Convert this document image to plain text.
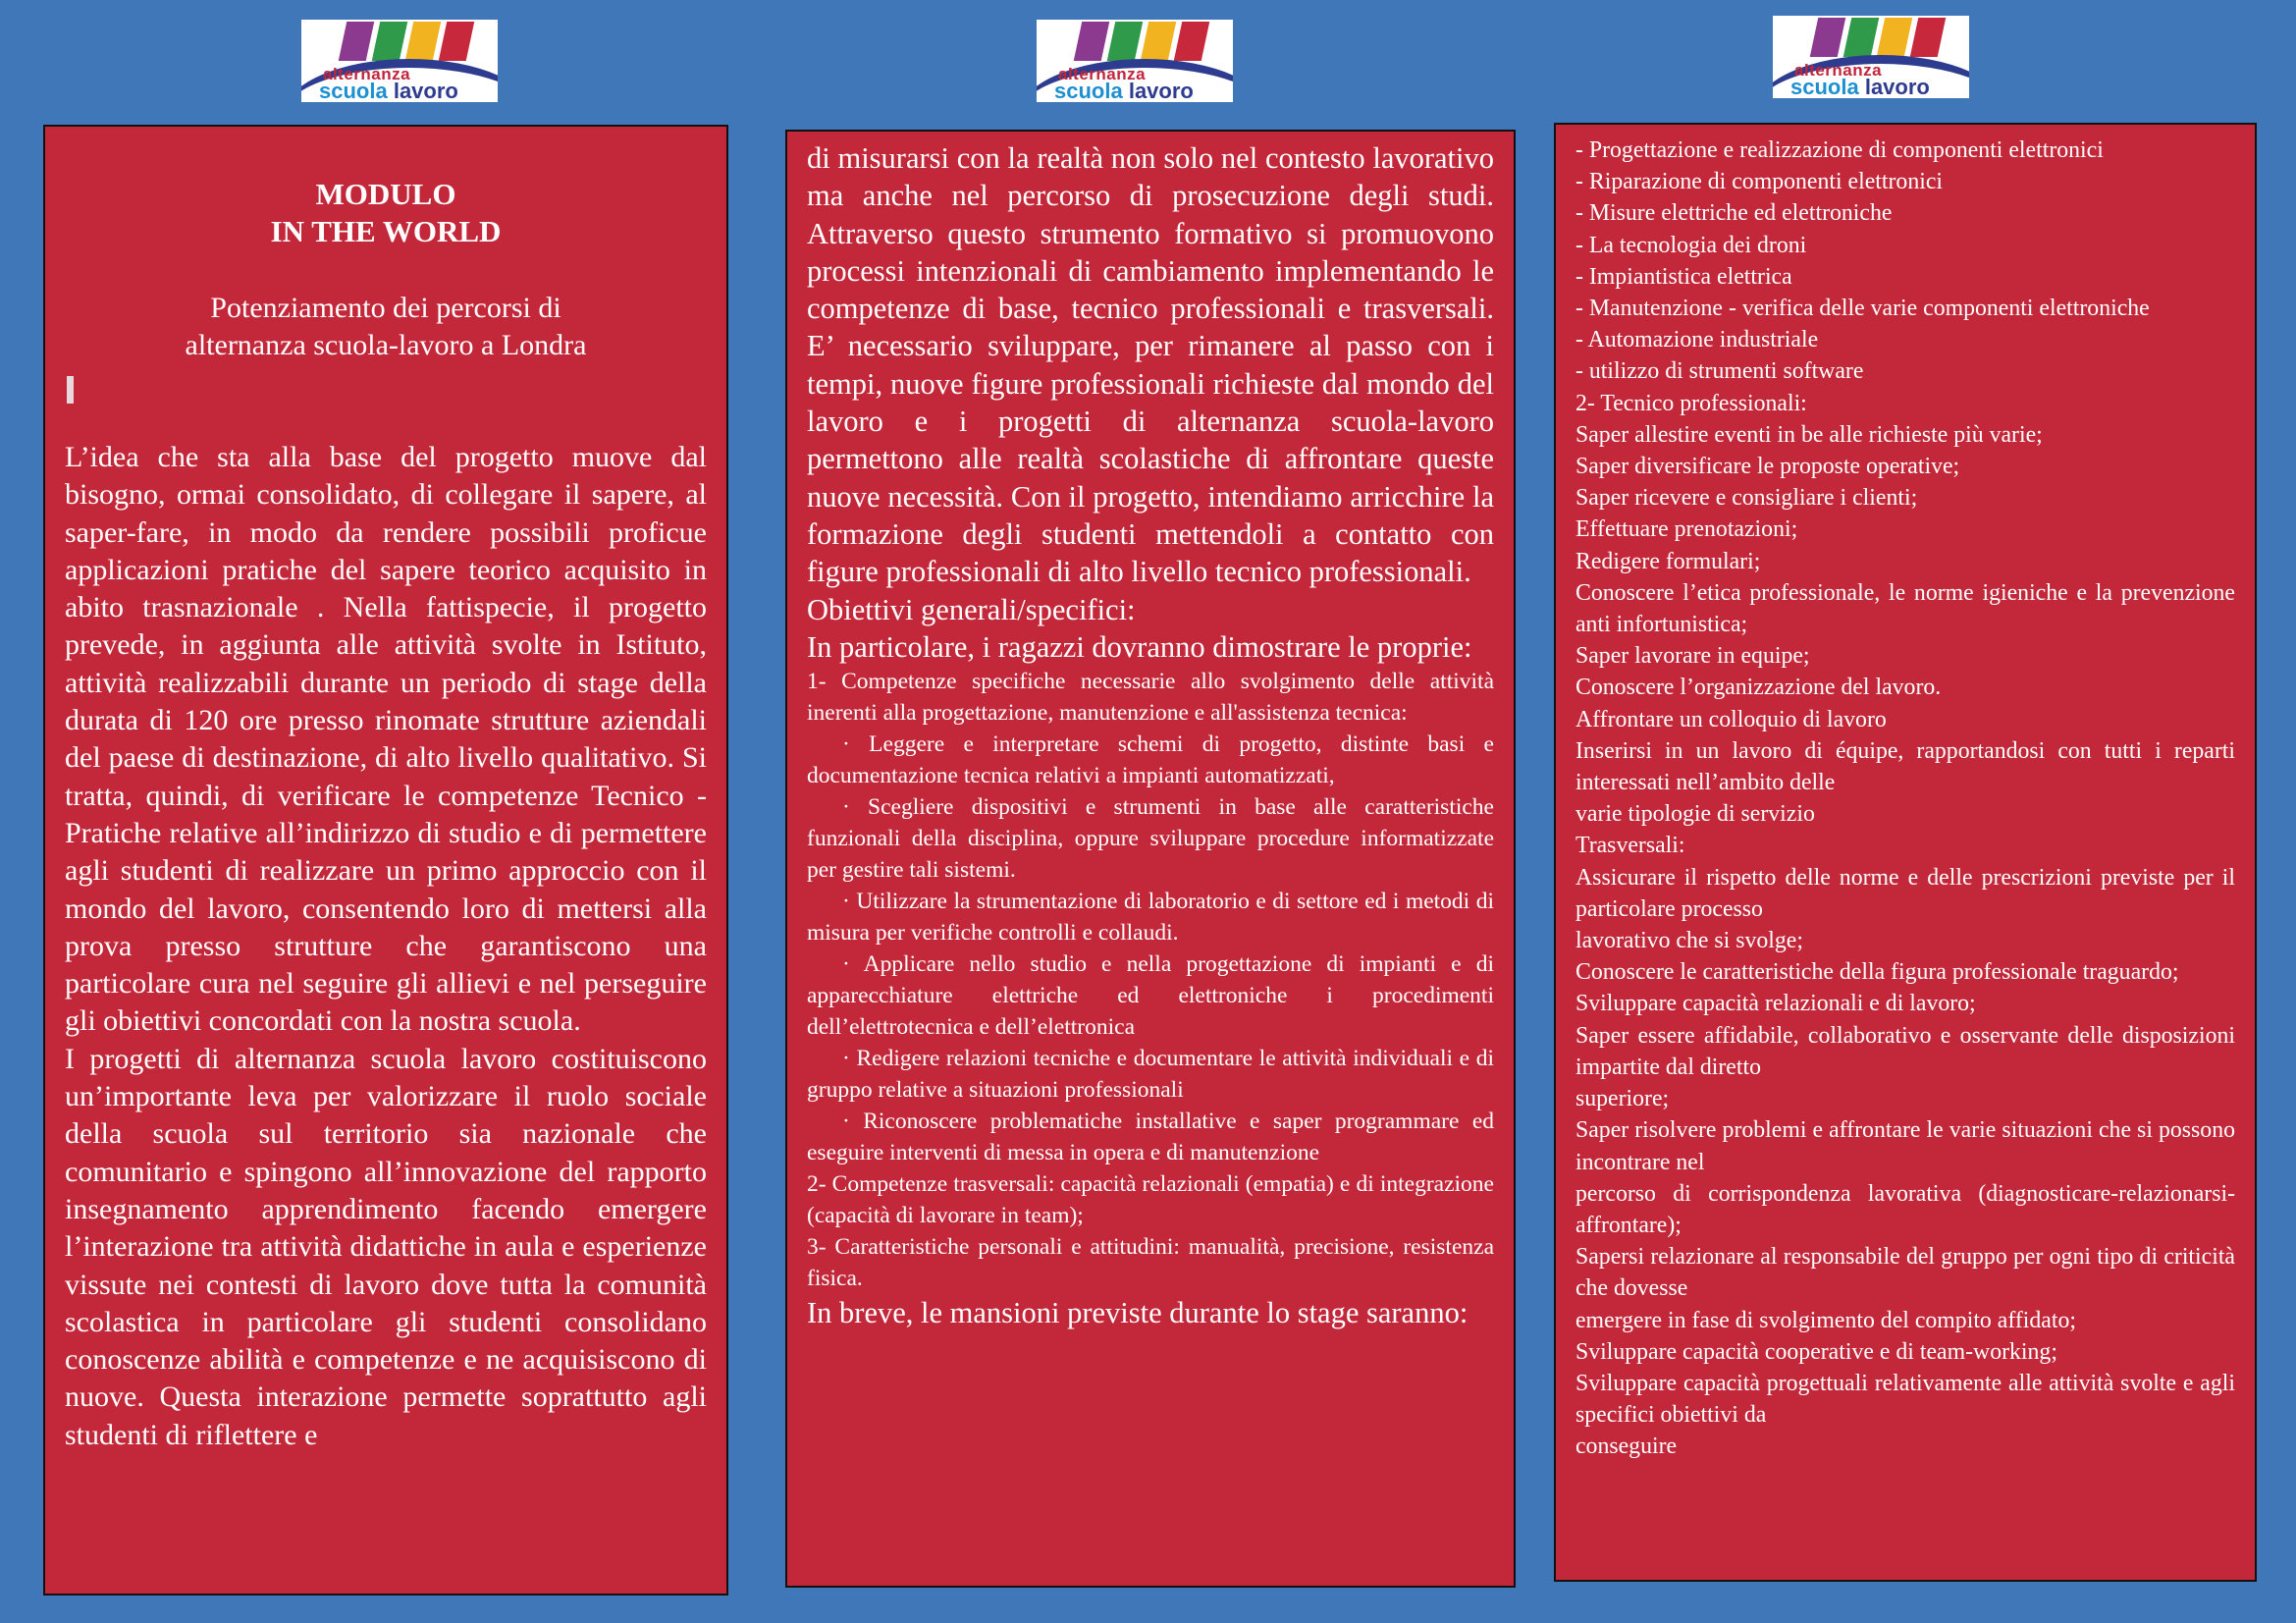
alternanza
scuola lavoro
alternanza
scuola lavoro
alternanza
scuola lavoro
MODULO
IN THE WORLD
Potenziamento dei percorsi di
alternanza scuola-lavoro a Londra

L’idea che sta alla base del progetto muove dal bisogno, ormai consolidato, di collegare il sapere, al saper-fare, in modo da rendere possibili proficue applicazioni pratiche del sapere teorico acquisito in abito trasnazionale . Nella fattispecie, il progetto prevede, in aggiunta alle attività svolte in Istituto, attività realizzabili durante un periodo di stage della durata di 120 ore presso rinomate strutture aziendali del paese di destinazione, di alto livello qualitativo. Si tratta, quindi, di verificare le competenze Tecnico - Pratiche relative all’indirizzo di studio e di permettere agli studenti di realizzare un primo approccio con il mondo del lavoro, consentendo loro di mettersi alla prova presso strutture che garantiscono una particolare cura nel seguire gli allievi e nel perseguire gli obiettivi concordati con la nostra scuola.

I progetti di alternanza scuola lavoro costituiscono un’importante leva per valorizzare il ruolo sociale della scuola sul territorio sia nazionale che comunitario e spingono all’innovazione del rapporto insegnamento apprendimento facendo emergere l’interazione tra attività didattiche in aula e esperienze vissute nei contesti di lavoro dove tutta la comunità scolastica in particolare gli studenti consolidano conoscenze abilità e competenze e ne acquisiscono di nuove. Questa interazione permette soprattutto agli studenti di riflettere e

di misurarsi con la realtà non solo nel contesto lavorativo ma anche nel percorso di prosecuzione degli studi. Attraverso questo strumento formativo si promuovono processi intenzionali di cambiamento implementando le competenze di base, tecnico professionali e trasversali. E’ necessario sviluppare, per rimanere al passo con i tempi, nuove figure professionali richieste dal mondo del lavoro e i progetti di alternanza scuola-lavoro permettono alle realtà scolastiche di affrontare queste nuove necessità. Con il progetto, intendiamo arricchire la formazione degli studenti mettendoli a contatto con figure professionali di alto livello tecnico professionali.

Obiettivi generali/specifici:

In particolare, i ragazzi dovranno dimostrare le proprie:

1- Competenze specifiche necessarie allo svolgimento delle attività inerenti alla progettazione, manutenzione e all'assistenza tecnica:

· Leggere e interpretare schemi di progetto, distinte basi e documentazione tecnica relativi a impianti automatizzati,

· Scegliere dispositivi e strumenti in base alle caratteristiche funzionali della disciplina, oppure sviluppare procedure informatizzate per gestire tali sistemi.

· Utilizzare la strumentazione di laboratorio e di settore ed i metodi di misura per verifiche controlli e collaudi.

· Applicare nello studio e nella progettazione di impianti e di apparecchiature elettriche ed elettroniche i procedimenti dell’elettrotecnica e dell’elettronica

· Redigere relazioni tecniche e documentare le attività individuali e di gruppo relative a situazioni professionali

· Riconoscere problematiche installative e saper programmare ed eseguire interventi di messa in opera e di manutenzione

2- Competenze trasversali: capacità relazionali (empatia) e di integrazione (capacità di lavorare in team);

3- Caratteristiche personali e attitudini: manualità, precisione, resistenza fisica.

In breve, le mansioni previste durante lo stage saranno:

- Progettazione e realizzazione di componenti elettronici

- Riparazione di componenti elettronici

- Misure elettriche ed elettroniche

- La tecnologia dei droni

- Impiantistica elettrica

- Manutenzione - verifica delle varie componenti elettroniche

- Automazione industriale

- utilizzo di strumenti software

2- Tecnico professionali:

Saper allestire eventi in be alle richieste più varie;

Saper diversificare le proposte operative;

Saper ricevere e consigliare i clienti;

Effettuare prenotazioni;

Redigere formulari;

Conoscere l’etica professionale, le norme igieniche e la prevenzione anti infortunistica;

Saper lavorare in equipe;

Conoscere l’organizzazione del lavoro.

Affrontare un colloquio di lavoro

Inserirsi in un lavoro di équipe, rapportandosi con tutti i reparti interessati nell’ambito delle

varie tipologie di servizio

Trasversali:

Assicurare il rispetto delle norme e delle prescrizioni previste per il particolare processo

lavorativo che si svolge;

Conoscere le caratteristiche della figura professionale traguardo;

Sviluppare capacità relazionali e di lavoro;

Saper essere affidabile, collaborativo e osservante delle disposizioni impartite dal diretto

superiore;

Saper risolvere problemi e affrontare le varie situazioni che si possono incontrare nel

percorso di corrispondenza lavorativa (diagnosticare-relazionarsi-affrontare);

Sapersi relazionare al responsabile del gruppo per ogni tipo di criticità che dovesse

emergere in fase di svolgimento del compito affidato;

Sviluppare capacità cooperative e di team-working;

Sviluppare capacità progettuali relativamente alle attività svolte e agli specifici obiettivi da

conseguire
